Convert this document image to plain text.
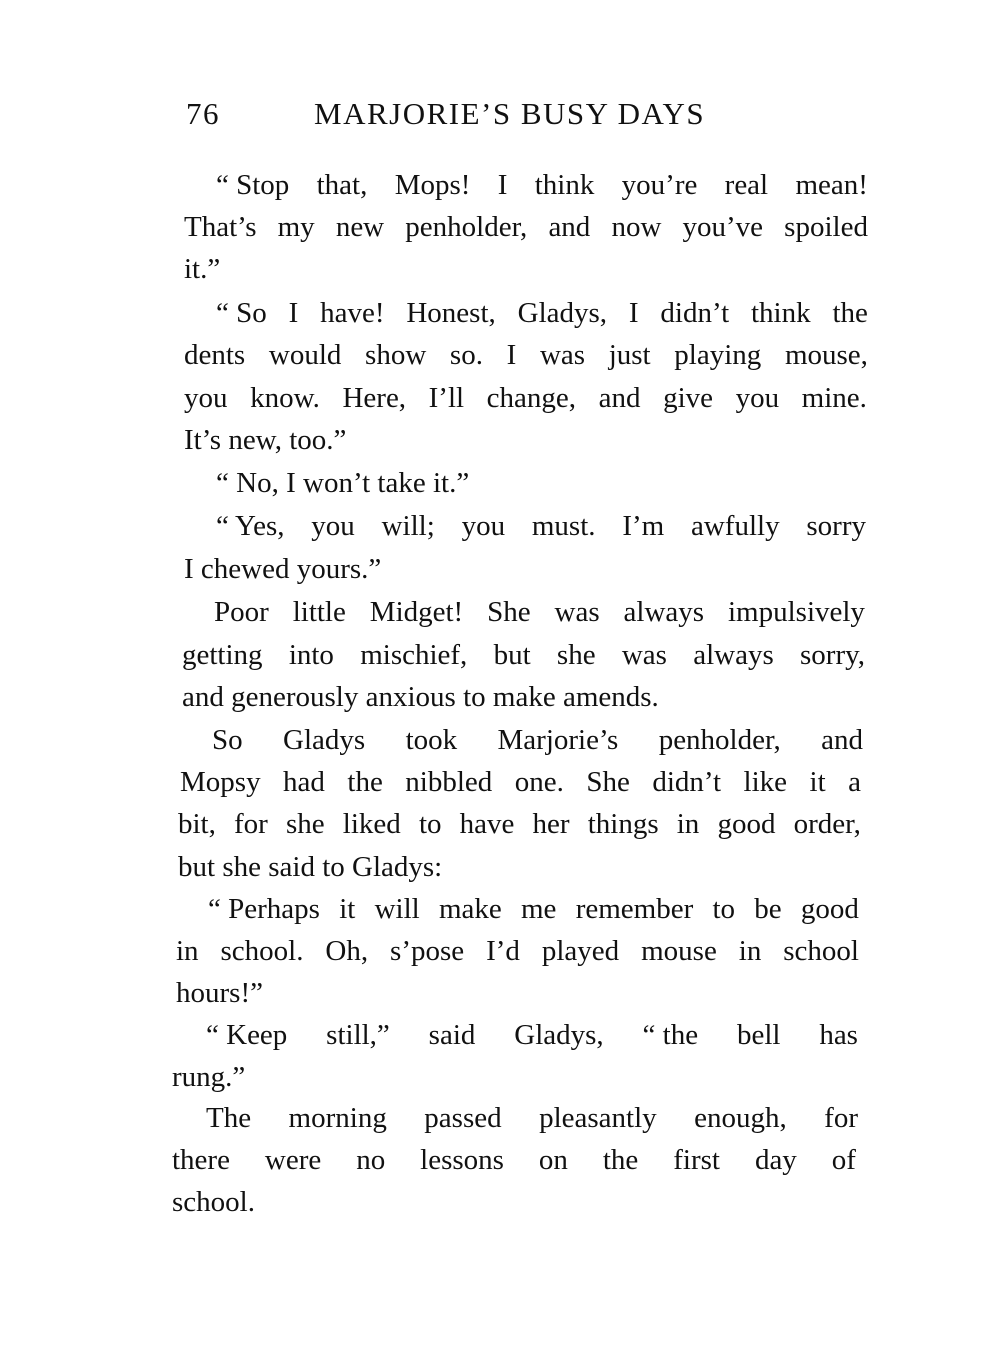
76	MARJORIE’S BUSY DAYS
“ Stop that, Mops! I think you’re real mean!
That’s my new penholder, and now you’ve spoiled
it.”
“ So I have! Honest, Gladys, I didn’t think the
dents would show so. I was just playing mouse,
you know. Here, I’ll change, and give you mine.
It’s new, too.”
“ No, I won’t take it.”
“ Yes, you will; you must. I’m awfully sorry
I chewed yours.”
Poor little Midget! She was always impulsively
getting into mischief, but she was always sorry,
and generously anxious to make amends.
So Gladys took Marjorie’s penholder, and
Mopsy had the nibbled one. She didn’t like it a
bit, for she liked to have her things in good order,
but she said to Gladys:
“ Perhaps it will make me remember to be good
in school. Oh, s’pose I’d played mouse in school
hours!”
“ Keep still,” said Gladys, “ the bell has
rung.”
The morning passed pleasantly enough, for
there were no lessons on the first day of
school.
